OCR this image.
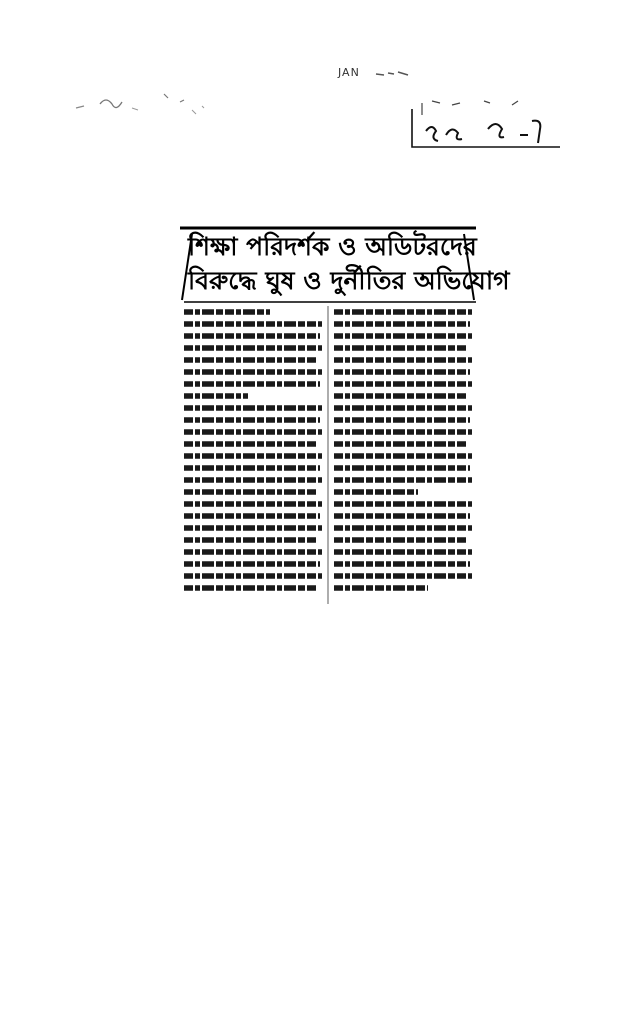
JAN
শিক্ষা পরিদর্শক ও অডিটরদের
বিরুদ্ধে ঘুষ ও দুর্নীতির অভিযোগ
